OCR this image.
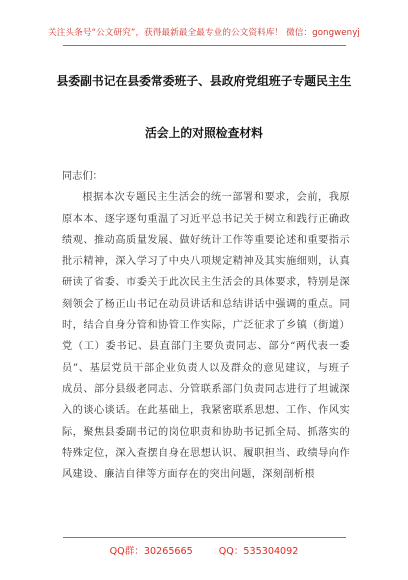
关注头条号“公文研究”，获得最新最全最专业的公文资料库！ 微信：gongwenyj
县委副书记在县委常委班子、县政府党组班子专题民主生
活会上的对照检查材料

同志们：

根据本次专题民主生活会的统一部署和要求，会前，我原原本本、逐字逐句重温了习近平总书记关于树立和践行正确政绩观、推动高质量发展、做好统计工作等重要论述和重要指示批示精神，深入学习了中央八项规定精神及其实施细则，认真研读了省委、市委关于此次民主生活会的具体要求，特别是深刻领会了杨正山书记在动员讲话和总结讲话中强调的重点。同时，结合自身分管和协管工作实际，广泛征求了乡镇（街道）党（工）委书记、县直部门主要负责同志、部分“两代表一委员”、基层党员干部企业负责人以及群众的意见建议，与班子成员、部分县级老同志、分管联系部门负责同志进行了坦诚深入的谈心谈话。在此基础上，我紧密联系思想、工作、作风实际，聚焦县委副书记的岗位职责和协助书记抓全局、抓落实的特殊定位，深入查摆自身在思想认识、履职担当、政绩导向作风建设、廉洁自律等方面存在的突出问题，深刻剖析根

QQ群：30265665	QQ：535304092
